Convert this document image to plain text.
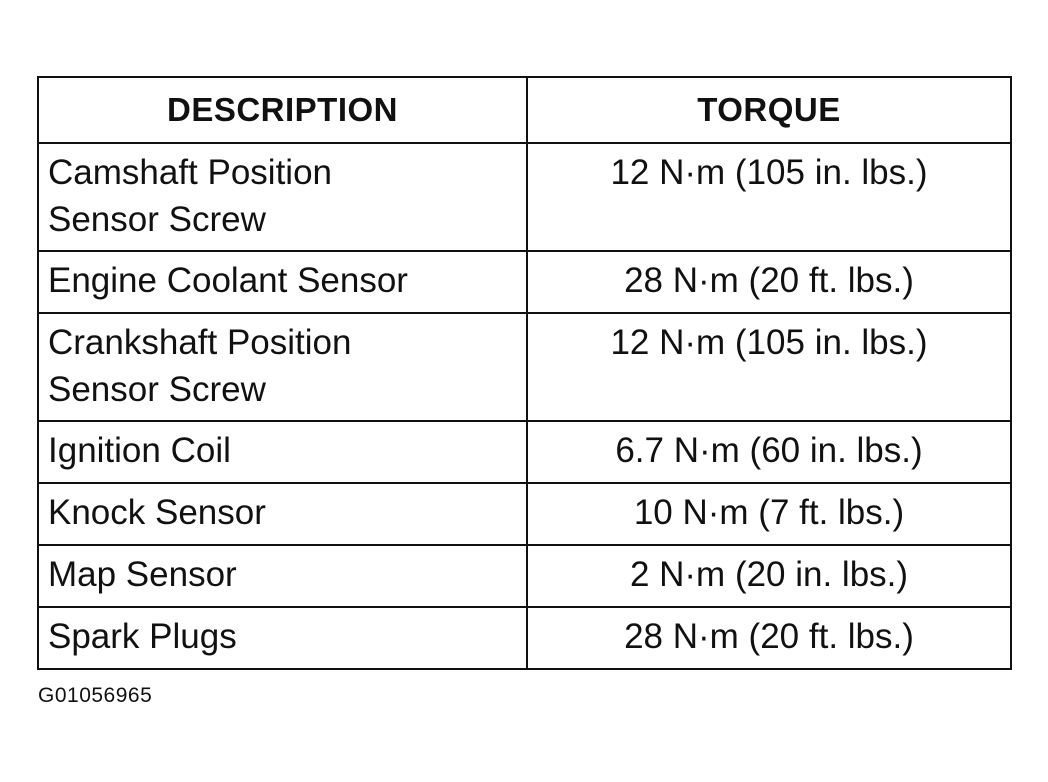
DESCRIPTION	TORQUE
Camshaft Position
Sensor Screw	12 N·m (105 in. lbs.)
Engine Coolant Sensor	28 N·m (20 ft. lbs.)
Crankshaft Position
Sensor Screw	12 N·m (105 in. lbs.)
Ignition Coil	6.7 N·m (60 in. lbs.)
Knock Sensor	10 N·m (7 ft. lbs.)
Map Sensor	2 N·m (20 in. lbs.)
Spark Plugs	28 N·m (20 ft. lbs.)
G01056965
